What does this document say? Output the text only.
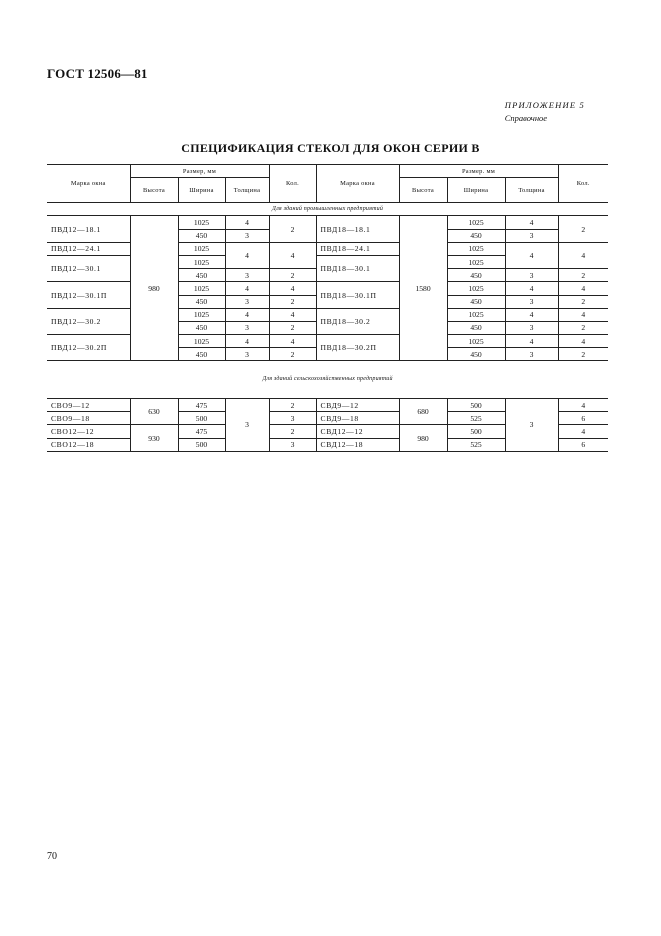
ГОСТ 12506—81
ПРИЛОЖЕНИЕ 5
Справочное
СПЕЦИФИКАЦИЯ СТЕКОЛ ДЛЯ ОКОН СЕРИИ В
Марка окна	Размер, мм			Кол.	Марка окна	Размер. мм			Кол.
	Высота	Ширина	Толщина			Высота	Ширина	Толщина	
Для зданий промышленных предприятий									
ПВД12—18.1	980	1025	4	2	ПВД18—18.1	1580	1025	4	2
		450	3				450	3	
ПВД12—24.1		1025	4	4	ПВД18—24.1		1025	4	4
ПВД12—30.1		1025			ПВД18—30.1		1025		
		450	3	2			450	3	2
ПВД12—30.1П		1025	4	4	ПВД18—30.1П		1025	4	4
		450	3	2			450	3	2
ПВД12—30.2		1025	4	4	ПВД18—30.2		1025	4	4
		450	3	2			450	3	2
ПВД12—30.2П		1025	4	4	ПВД18—30.2П		1025	4	4
		450	3	2			450	3	2

Для зданий сельскохозяйственных предприятий									

СВО9—12	630	475	3	2	СВД9—12	680	500	3	4
СВО9—18		500		3	СВД9—18		525		6
СВО12—12	930	475		2	СВД12—12	980	500		4
СВО12—18		500		3	СВД12—18		525		6
70
